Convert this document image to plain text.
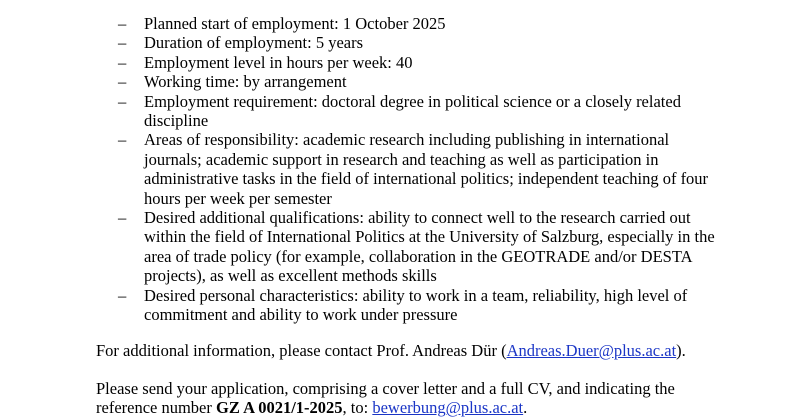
– Planned start of employment: 1 October 2025
– Duration of employment: 5 years
– Employment level in hours per week: 40
– Working time: by arrangement
– Employment requirement: doctoral degree in political science or a closely related discipline
– Areas of responsibility: academic research including publishing in international journals; academic support in research and teaching as well as participation in administrative tasks in the field of international politics; independent teaching of four hours per week per semester
– Desired additional qualifications: ability to connect well to the research carried out within the field of International Politics at the University of Salzburg, especially in the area of trade policy (for example, collaboration in the GEOTRADE and/or DESTA projects), as well as excellent methods skills
– Desired personal characteristics: ability to work in a team, reliability, high level of commitment and ability to work under pressure

For additional information, please contact Prof. Andreas Dür (Andreas.Duer@plus.ac.at).

Please send your application, comprising a cover letter and a full CV, and indicating the reference number GZ A 0021/1-2025, to: bewerbung@plus.ac.at.
